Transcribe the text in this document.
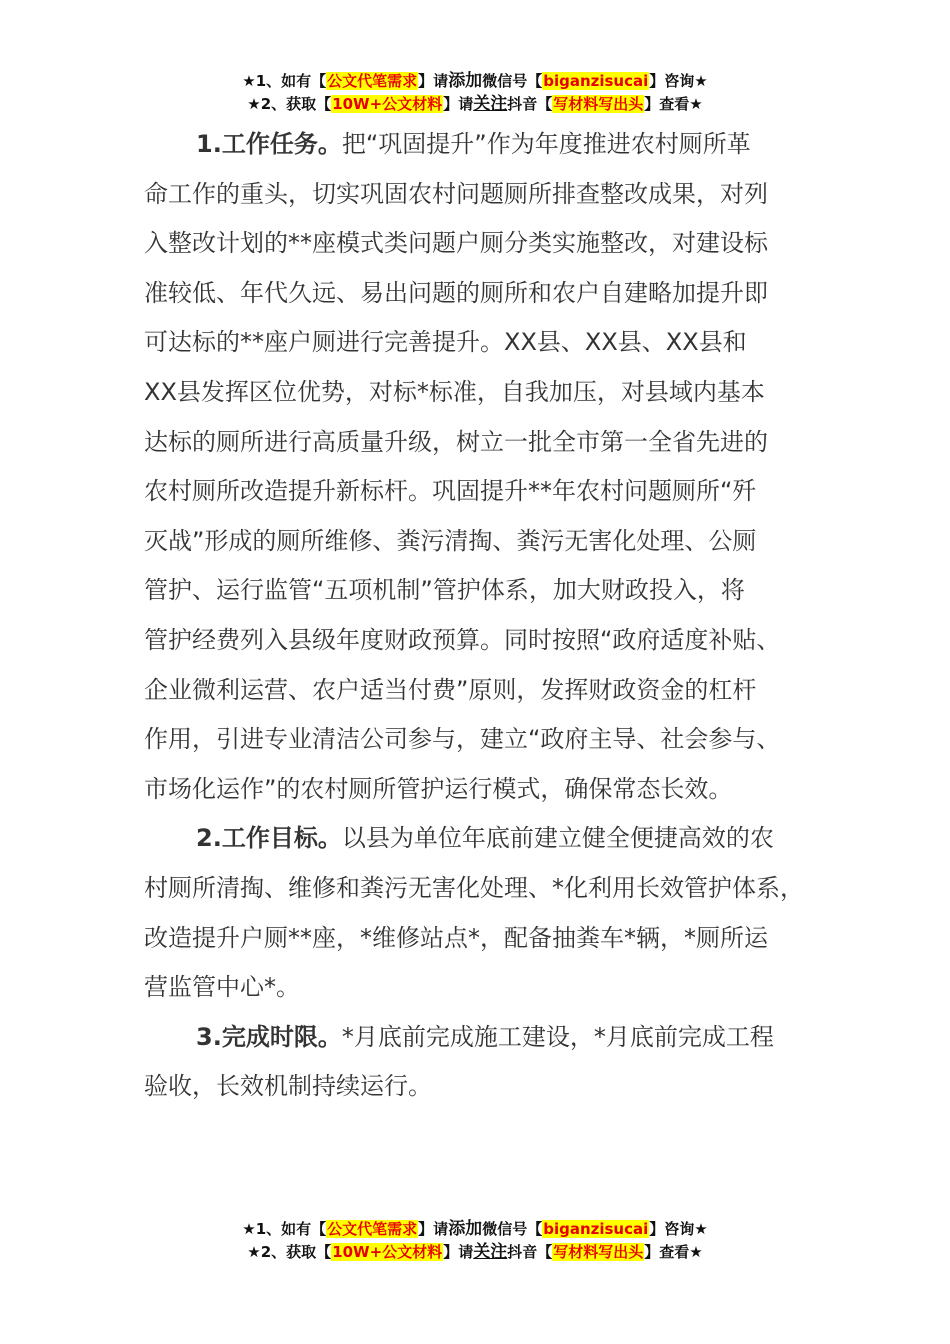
★1、如有【公文代笔需求】请添加微信号【biganzisucai】咨询★
★2、获取【10W+公文材料】请关注抖音【写材料写出头】查看★

1.工作任务。把“巩固提升”作为年度推进农村厕所革
命工作的重头，切实巩固农村问题厕所排查整改成果，对列
入整改计划的**座模式类问题户厕分类实施整改，对建设标
准较低、年代久远、易出问题的厕所和农户自建略加提升即
可达标的**座户厕进行完善提升。XX县、XX县、XX县和
XX县发挥区位优势，对标*标准，自我加压，对县域内基本
达标的厕所进行高质量升级，树立一批全市第一全省先进的
农村厕所改造提升新标杆。巩固提升**年农村问题厕所“歼
灭战”形成的厕所维修、粪污清掏、粪污无害化处理、公厕
管护、运行监管“五项机制”管护体系，加大财政投入，将
管护经费列入县级年度财政预算。同时按照“政府适度补贴、
企业微利运营、农户适当付费”原则，发挥财政资金的杠杆
作用，引进专业清洁公司参与，建立“政府主导、社会参与、
市场化运作”的农村厕所管护运行模式，确保常态长效。

2.工作目标。以县为单位年底前建立健全便捷高效的农
村厕所清掏、维修和粪污无害化处理、*化利用长效管护体系，
改造提升户厕**座，*维修站点*，配备抽粪车*辆，*厕所运
营监管中心*。

3.完成时限。*月底前完成施工建设，*月底前完成工程
验收，长效机制持续运行。

★1、如有【公文代笔需求】请添加微信号【biganzisucai】咨询★
★2、获取【10W+公文材料】请关注抖音【写材料写出头】查看★
